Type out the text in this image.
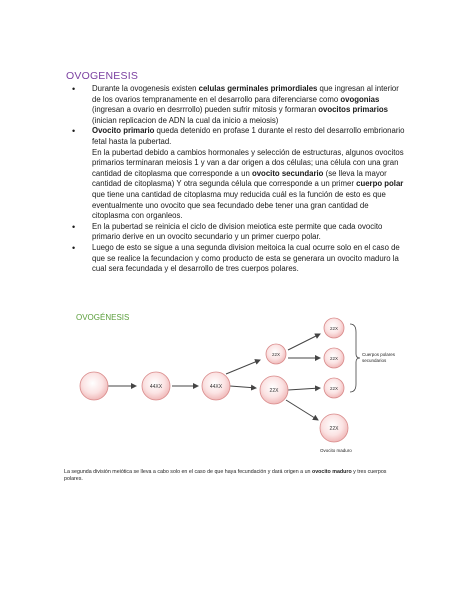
OVOGENESIS
• Durante la ovogenesis existen celulas germinales primordiales que ingresan al interior de los ovarios tempranamente en el desarrollo para diferenciarse como ovogonias (ingresan a ovario en desrrrollo) pueden sufrir mitosis y formaran ovocitos primarios (inician replicacion de ADN la cual da inicio a meiosis)
• Ovocito primario queda detenido en profase 1 durante el resto del desarrollo embrionario fetal hasta la pubertad.
En la pubertad debido a cambios hormonales y selección de estructuras, algunos ovocitos primarios terminaran meiosis 1 y van a dar origen a dos células; una célula con una gran cantidad de citoplasma que corresponde a un ovocito secundario (se lleva la mayor cantidad de citoplasma) Y otra segunda célula que corresponde a un primer cuerpo polar que tiene una cantidad de citoplasma muy reducida cuál es la función de esto es que eventualmente uno ovocito que sea fecundado debe tener una gran cantidad de citoplasma con organleos.
• En la pubertad se reinicia el ciclo de division meiotica este permite que cada ovocito primario derive en un ovocito secundario y un primer cuerpo polar.
• Luego de esto se sigue a una segunda division meitoica la cual ocurre solo en el caso de que se realice la fecundacion y como producto de esta se generara un ovocito maduro la cual sera fecundada y el desarrollo de tres cuerpos polares.
OVOGÉNESIS
44XX	44XX
22X
22X
22X
22X
22X
22X
Cuerpos polares secundarios
Ovocito maduro
La segunda división meiótica se lleva a cabo solo en el caso de que haya fecundación y dará origen a un ovocito maduro y tres cuerpos polares.
